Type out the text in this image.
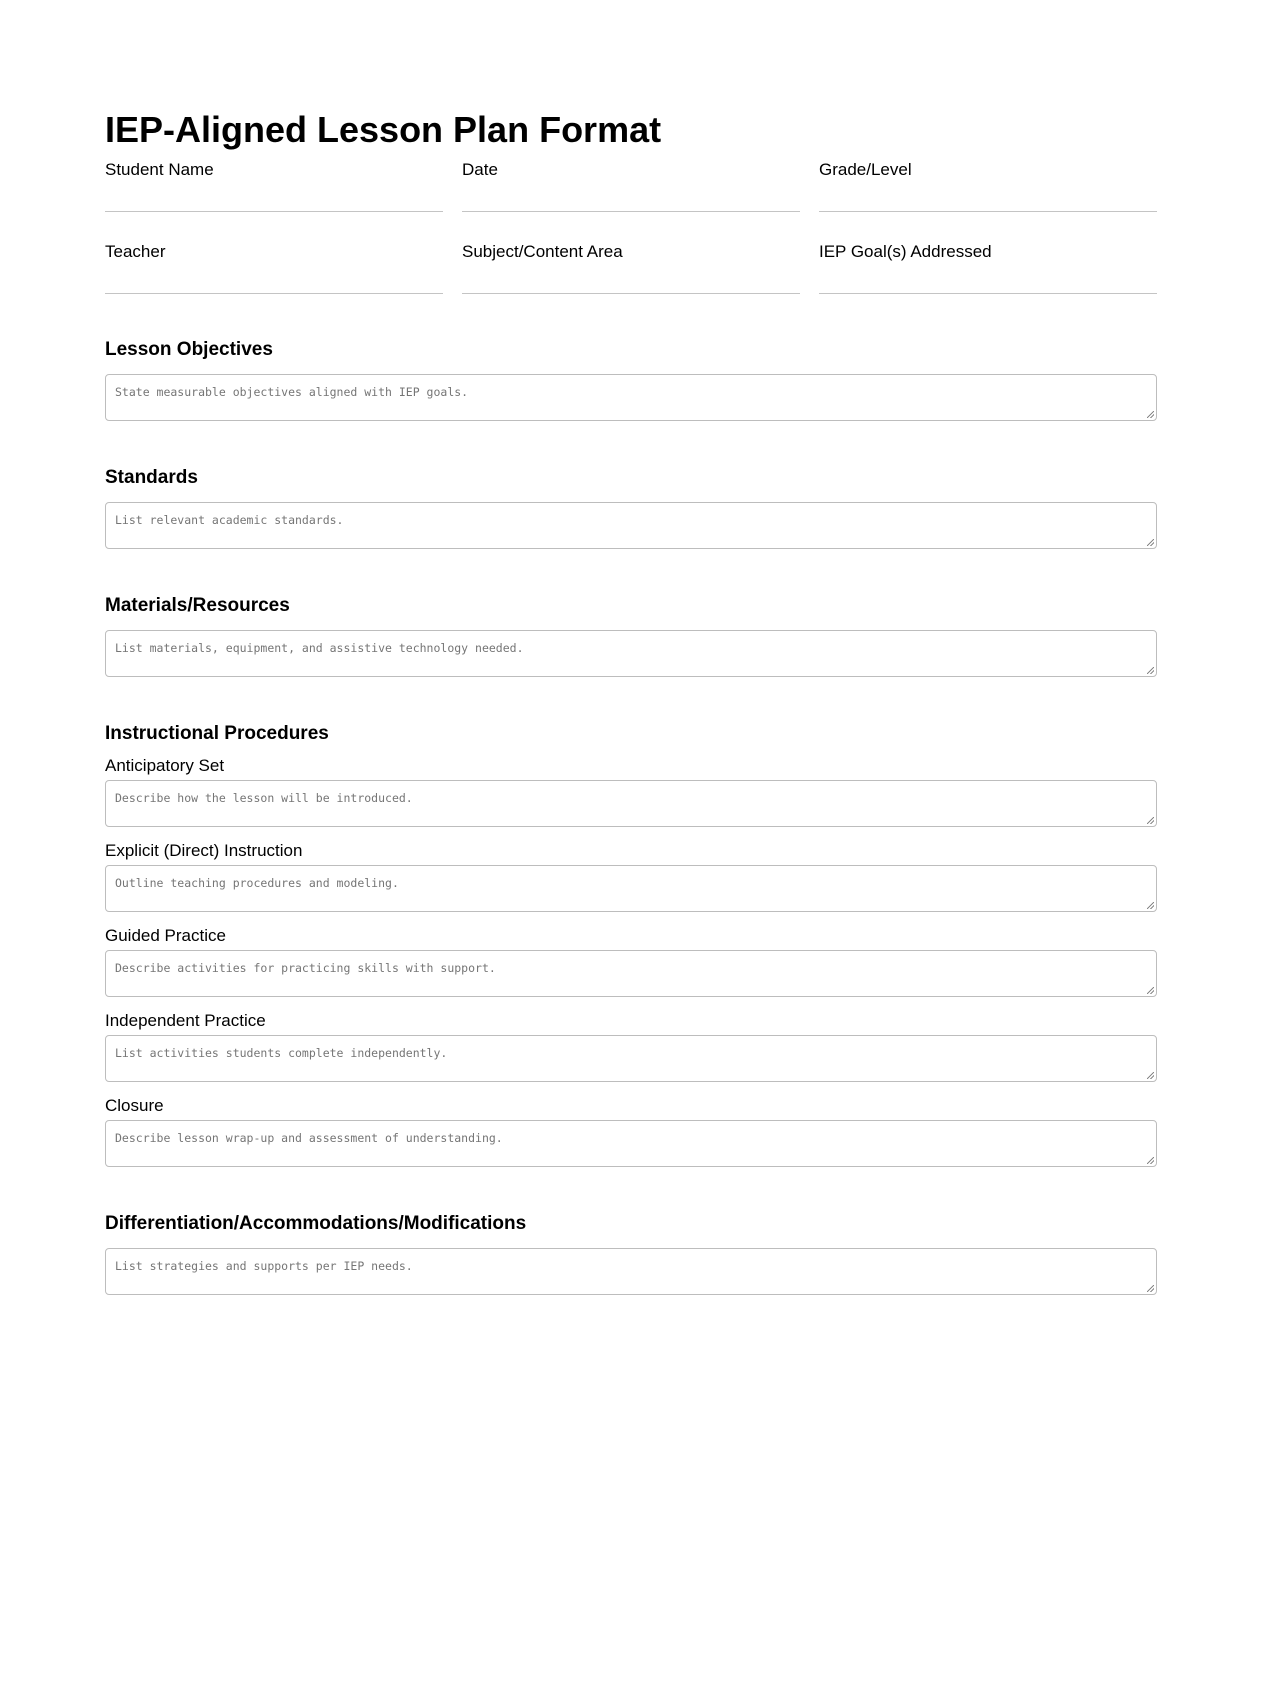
IEP-Aligned Lesson Plan Format
Student Name	Date	Grade/Level
Teacher	Subject/Content Area	IEP Goal(s) Addressed
Lesson Objectives
State measurable objectives aligned with IEP goals.
Standards
List relevant academic standards.
Materials/Resources
List materials, equipment, and assistive technology needed.
Instructional Procedures
Anticipatory Set
Describe how the lesson will be introduced.
Explicit (Direct) Instruction
Outline teaching procedures and modeling.
Guided Practice
Describe activities for practicing skills with support.
Independent Practice
List activities students complete independently.
Closure
Describe lesson wrap-up and assessment of understanding.
Differentiation/Accommodations/Modifications
List strategies and supports per IEP needs.
